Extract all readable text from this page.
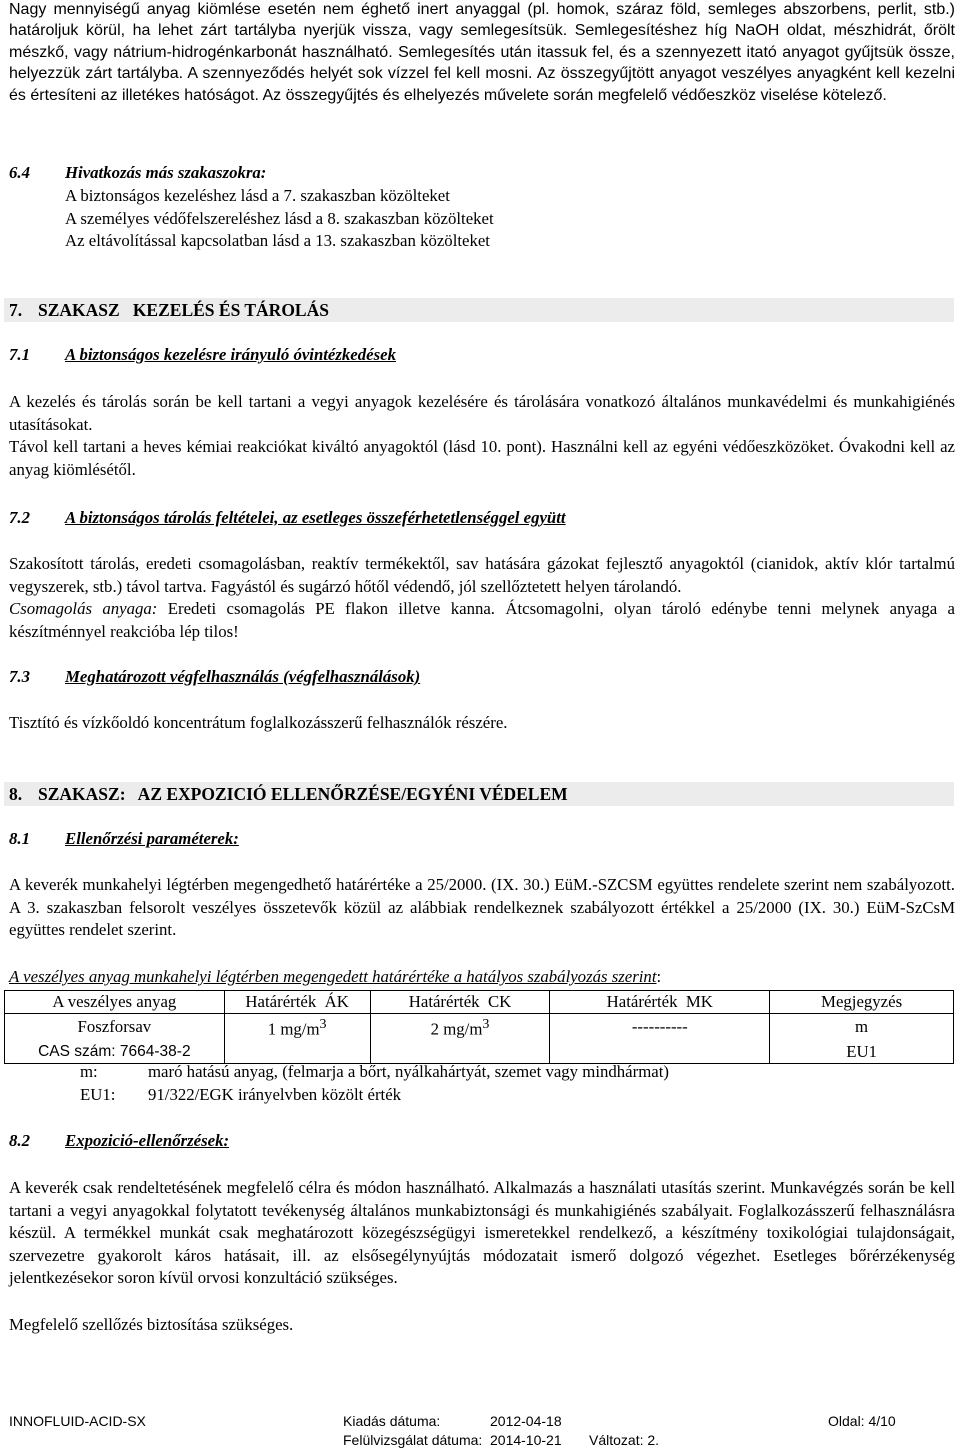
Nagy mennyiségű anyag kiömlése esetén nem éghető inert anyaggal (pl. homok, száraz föld, semleges abszorbens, perlit, stb.) határoljuk körül, ha lehet zárt tartályba nyerjük vissza, vagy semlegesítsük. Semlegesítéshez híg NaOH oldat, mészhidrát, őrölt mészkő, vagy nátrium-hidrogénkarbonát használható. Semlegesítés után itassuk fel, és a szennyezett itató anyagot gyűjtsük össze, helyezzük zárt tartályba. A szennyeződés helyét sok vízzel fel kell mosni. Az összegyűjtött anyagot veszélyes anyagként kell kezelni és értesíteni az illetékes hatóságot. Az összegyűjtés és elhelyezés művelete során megfelelő védőeszköz viselése kötelező.

6.4 Hivatkozás más szakaszokra:
A biztonságos kezeléshez lásd a 7. szakaszban közölteket
A személyes védőfelszereléshez lásd a 8. szakaszban közölteket
Az eltávolítással kapcsolatban lásd a 13. szakaszban közölteket
7. SZAKASZ   KEZELÉS ÉS TÁROLÁS
7.1 A biztonságos kezelésre irányuló óvintézkedések

A kezelés és tárolás során be kell tartani a vegyi anyagok kezelésére és tárolására vonatkozó általános munkavédelmi és munkahigiénés utasításokat.

Távol kell tartani a heves kémiai reakciókat kiváltó anyagoktól (lásd 10. pont). Használni kell az egyéni védőeszközöket. Óvakodni kell az anyag kiömlésétől.

7.2 A biztonságos tárolás feltételei, az esetleges összeférhetetlenséggel együtt

Szakosított tárolás, eredeti csomagolásban, reaktív termékektől, sav hatására gázokat fejlesztő anyagoktól (cianidok, aktív klór tartalmú vegyszerek, stb.) távol tartva. Fagyástól és sugárzó hőtől védendő, jól szellőztetett helyen tárolandó.

Csomagolás anyaga: Eredeti csomagolás PE flakon illetve kanna. Átcsomagolni, olyan tároló edénybe tenni melynek anyaga a készítménnyel reakcióba lép tilos!

7.3 Meghatározott végfelhasználás (végfelhasználások)

Tisztító és vízkőoldó koncentrátum foglalkozásszerű felhasználók részére.

8. SZAKASZ:   AZ EXPOZICIÓ ELLENŐRZÉSE/EGYÉNI VÉDELEM
8.1 Ellenőrzési paraméterek:

A keverék munkahelyi légtérben megengedhető határértéke a 25/2000. (IX. 30.) EüM.-SZCSM együttes rendelete szerint nem szabályozott. A 3. szakaszban felsorolt veszélyes összetevők közül az alábbiak rendelkeznek szabályozott értékkel a 25/2000 (IX. 30.) EüM-SzCsM együttes rendelet szerint.

A veszélyes anyag munkahelyi légtérben megengedett határértéke a hatályos szabályozás szerint:
A veszélyes anyag	Határérték  ÁK	Határérték  CK	Határérték  MK	Megjegyzés
Foszforsav	1 $mg/m^3$	2 $mg/m^3$	----------	m
CAS szám: 7664-38-2				EU1
m:	maró hatású anyag, (felmarja a bőrt, nyálkahártyát, szemet vagy mindhármat)
EU1: 91/322/EGK irányelvben közölt érték
8.2 Expozició-ellenőrzések:

A keverék csak rendeltetésének megfelelő célra és módon használható. Alkalmazás a használati utasítás szerint. Munkavégzés során be kell tartani a vegyi anyagokkal folytatott tevékenység általános munkabiztonsági és munkahigiénés szabályait. Foglalkozásszerű felhasználásra készül. A termékkel munkát csak meghatározott közegészségügyi ismeretekkel rendelkező, a készítmény toxikológiai tulajdonságait, szervezetre gyakorolt káros hatásait, ill. az elsősegélynyújtás módozatait ismerő dolgozó végezhet. Esetleges bőrérzékenység jelentkezésekor soron kívül orvosi konzultáció szükséges.

Megfelelő szellőzés biztosítása szükséges.

INNOFLUID-ACID-SX	Kiadás dátuma:	2012-04-18	Oldal: 4/10
Felülvizsgálat dátuma: 2014-10-21 Változat: 2.
